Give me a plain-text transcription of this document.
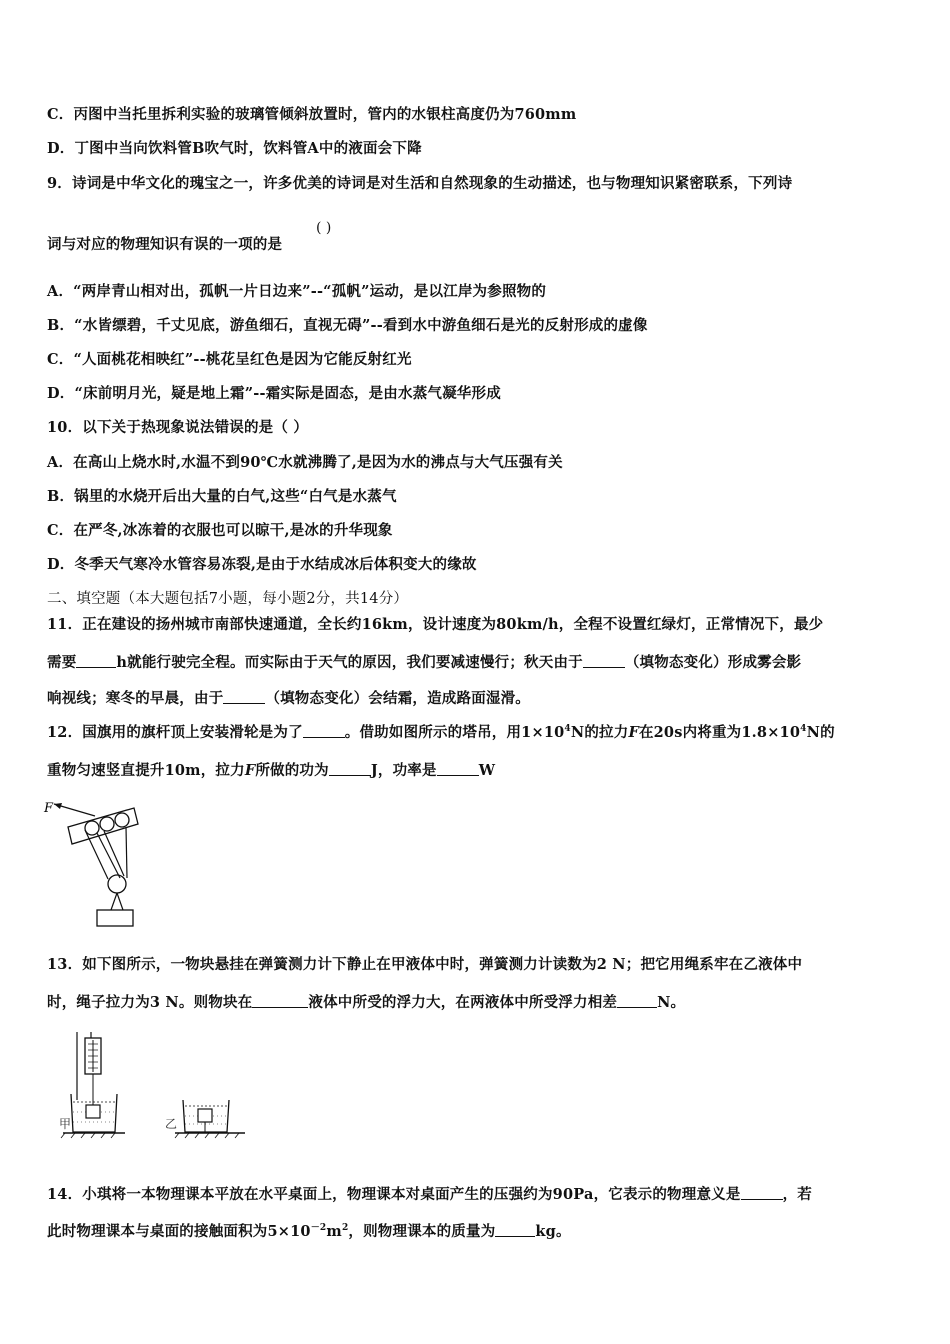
C．丙图中当托里拆利实验的玻璃管倾斜放置时，管内的水银柱高度仍为760mm
D．丁图中当向饮料管B吹气时，饮料管A中的液面会下降
9．诗词是中华文化的瑰宝之一，许多优美的诗词是对生活和自然现象的生动描述，也与物理知识紧密联系，下列诗
词与对应的物理知识有误的一项的是
( )
A．“两岸青山相对出，孤帆一片日边来”--“孤帆”运动，是以江岸为参照物的
B．“水皆缥碧，千丈见底，游鱼细石，直视无碍”--看到水中游鱼细石是光的反射形成的虚像
C．“人面桃花相映红”--桃花呈红色是因为它能反射红光
D．“床前明月光，疑是地上霜”--霜实际是固态，是由水蒸气凝华形成
10．以下关于热现象说法错误的是（ ）
A．在高山上烧水时,水温不到90℃水就沸腾了,是因为水的沸点与大气压强有关
B．锅里的水烧开后出大量的白气,这些“白气是水蒸气
C．在严冬,冰冻着的衣服也可以晾干,是冰的升华现象
D．冬季天气寒冷水管容易冻裂,是由于水结成冰后体积变大的缘故
二、填空题（本大题包括7小题，每小题2分，共14分）
11．正在建设的扬州城市南部快速通道，全长约16km，设计速度为80km/h，全程不设置红绿灯，正常情况下，最少
需要	h就能行驶完全程。而实际由于天气的原因，我们要减速慢行；秋天由于	（填物态变化）形成雾会影
响视线；寒冬的早晨，由于	（填物态变化）会结霜，造成路面湿滑。
12．国旗用的旗杆顶上安装滑轮是为了	。借助如图所示的塔吊，用$1\times 10^4N$的拉力F在20s内将重为$1.8\times 10^4N$的
重物匀速竖直提升10m，拉力F所做的功为	J，功率是	W
F
13．如下图所示，一物块悬挂在弹簧测力计下静止在甲液体中时，弹簧测力计读数为2 N；把它用绳系牢在乙液体中
时，绳子拉力为3 N。则物块在	液体中所受的浮力大，在两液体中所受浮力相差	N。
甲	乙
14．小琪将一本物理课本平放在水平桌面上，物理课本对桌面产生的压强约为90Pa，它表示的物理意义是	，若
此时物理课本与桌面的接触面积为$5\times 10^{-2}m^2$，则物理课本的质量为	kg。
